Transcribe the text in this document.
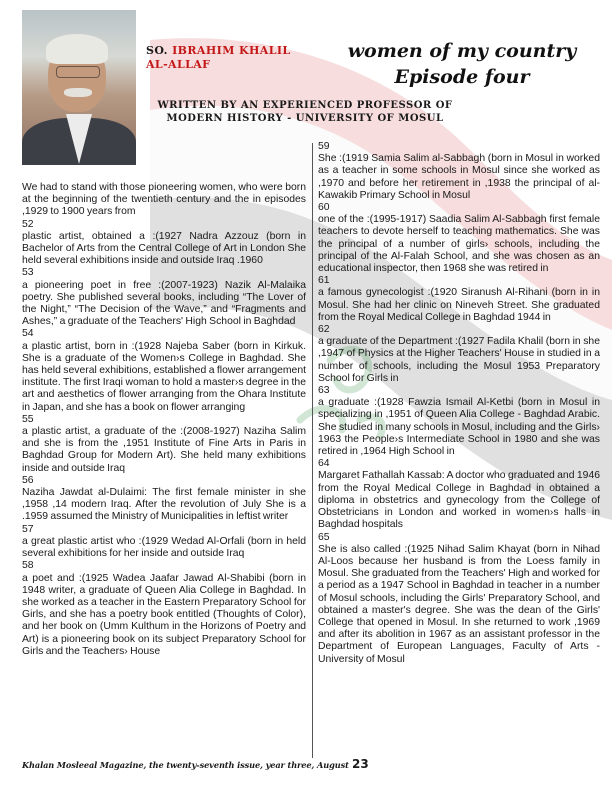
SO. IBRAHIM KHALIL AL-ALLAF
women of my country
Episode four
WRITTEN BY AN EXPERIENCED PROFESSOR OF
MODERN HISTORY - UNIVERSITY OF MOSUL
We had to stand with those pioneering women, who were born at the beginning of the twentieth century and the in episodes ,1929 to 1900 years from
52
plastic artist, obtained a :(1927 Nadra Azzouz (born in Bachelor of Arts from the Central College of Art in London She held several exhibitions inside and outside Iraq .1960
53
a pioneering poet in free :(2007-1923) Nazik Al-Malaika poetry. She published several books, including “The Lover of the Night,” “The Decision of the Wave,” and “Fragments and Ashes,” a graduate of the Teachers' High School in Baghdad
54
a plastic artist, born in :(1928 Najeba Saber (born in Kirkuk. She is a graduate of the Women›s College in Baghdad. She has held several exhibitions, established a flower arrangement institute. The first Iraqi woman to hold a master›s degree in the art and aesthetics of flower arranging from the Ohara Institute in Japan, and she has a book on flower arranging
55
a plastic artist, a graduate of the :(2008-1927) Naziha Salim and she is from the ,1951 Institute of Fine Arts in Paris in Baghdad Group for Modern Art). She held many exhibitions inside and outside Iraq
56
Naziha Jawdat al-Dulaimi: The first female minister in she ,1958 ,14 modern Iraq. After the revolution of July She is a .1959 assumed the Ministry of Municipalities in leftist writer
57
a great plastic artist who :(1929 Wedad Al-Orfali (born in held several exhibitions for her inside and outside Iraq
58
a poet and :(1925 Wadea Jaafar Jawad Al-Shabibi (born in 1948 writer, a graduate of Queen Alia College in Baghdad. In she worked as a teacher in the Eastern Preparatory School for Girls, and she has a poetry book entitled (Thoughts of Color), and her book on (Umm Kulthum in the Horizons of Poetry and Art) is a pioneering book on its subject Preparatory School for Girls and the Teachers› House
59
She :(1919 Samia Salim al-Sabbagh (born in Mosul in worked as a teacher in some schools in Mosul since she worked as ,1970 and before her retirement in ,1938 the principal of al-Kawakib Primary School in Mosul
60
one of the :(1995-1917) Saadia Salim Al-Sabbagh first female teachers to devote herself to teaching mathematics. She was the principal of a number of girls› schools, including the principal of the Al-Falah School, and she was chosen as an educational inspector, then 1968 she was retired in
61
a famous gynecologist :(1920 Siranush Al-Rihani (born in in Mosul. She had her clinic on Nineveh Street. She graduated from the Royal Medical College in Baghdad 1944 in
62
a graduate of the Department :(1927 Fadila Khalil (born in she ,1947 of Physics at the Higher Teachers' House in studied in a number of schools, including the Mosul 1953 Preparatory School for Girls in
63
a graduate :(1928 Fawzia Ismail Al-Ketbi (born in Mosul in specializing in ,1951 of Queen Alia College - Baghdad Arabic. She studied in many schools in Mosul, including and the Girls› 1963 the People›s Intermediate School in 1980 and she was retired in ,1964 High School in
64
Margaret Fathallah Kassab: A doctor who graduated and 1946 from the Royal Medical College in Baghdad in obtained a diploma in obstetrics and gynecology from the College of Obstetricians in London and worked in women›s halls in Baghdad hospitals
65
She is also called :(1925 Nihad Salim Khayat (born in Nihad Al-Loos because her husband is from the Loess family in Mosul. She graduated from the Teachers' High and worked for a period as a 1947 School in Baghdad in teacher in a number of Mosul schools, including the Girls' Preparatory School, and obtained a master's degree. She was the dean of the Girls' College that opened in Mosul. In she returned to work ,1969 and after its abolition in 1967 as an assistant professor in the Department of European Languages, Faculty of Arts - University of Mosul
Khalan Mosleeal Magazine, the twenty-seventh issue, year three, August 23
